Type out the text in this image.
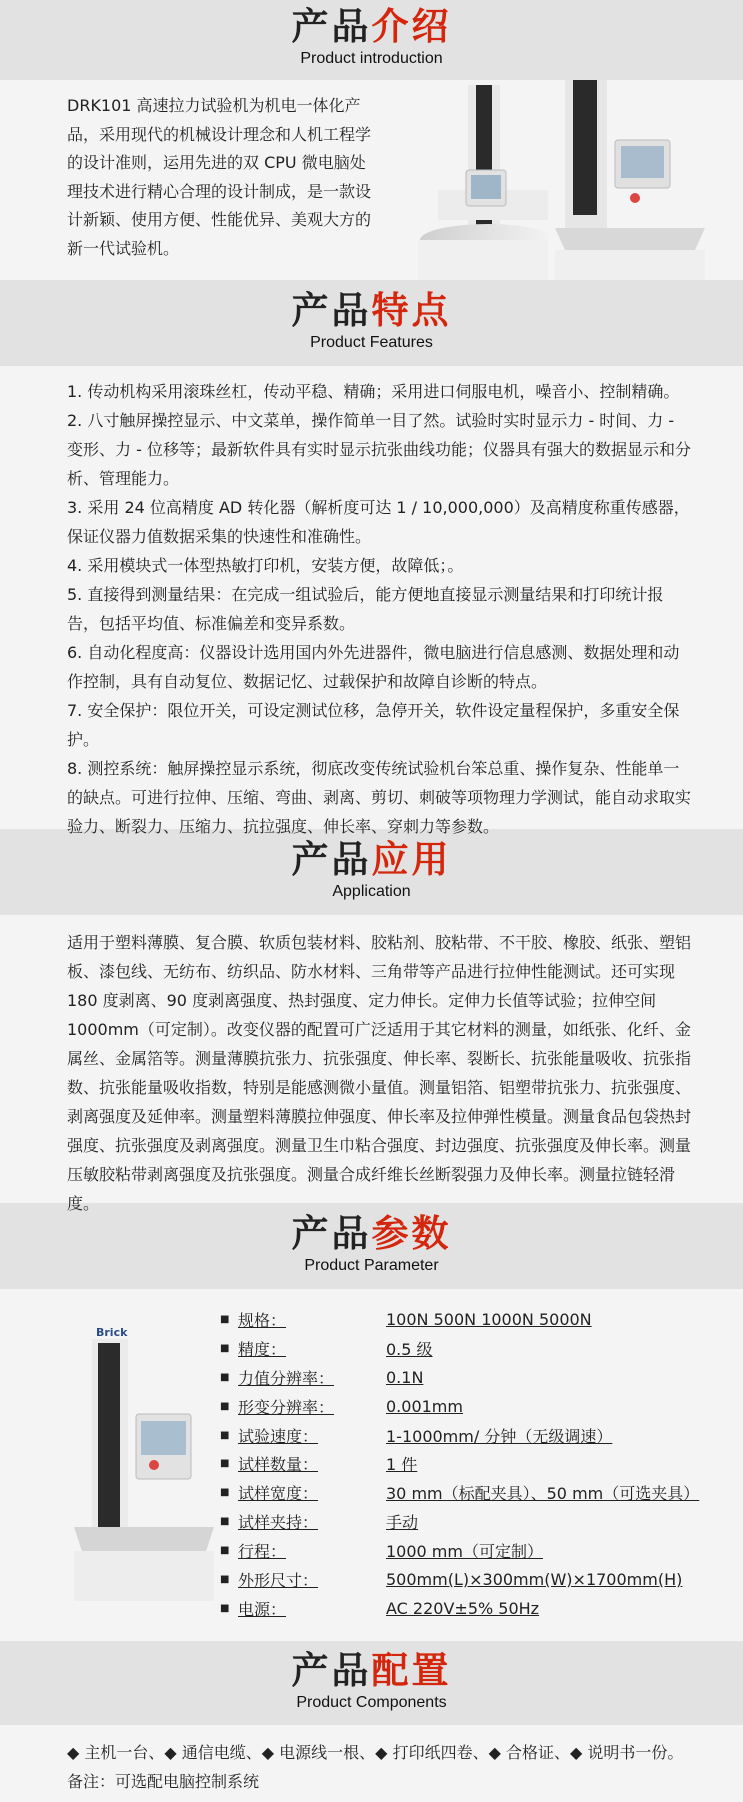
产品介绍
Product introduction

DRK101 高速拉力试验机为机电一体化产品，采用现代的机械设计理念和人机工程学的设计准则，运用先进的双 CPU 微电脑处理技术进行精心合理的设计制成，是一款设计新颖、使用方便、性能优异、美观大方的新一代试验机。

产品特点
Product Features

1. 传动机构采用滚珠丝杠，传动平稳、精确；采用进口伺服电机，噪音小、控制精确。

2. 八寸触屏操控显示、中文菜单，操作简单一目了然。试验时实时显示力 - 时间、力 - 变形、力 - 位移等；最新软件具有实时显示抗张曲线功能；仪器具有强大的数据显示和分析、管理能力。

3. 采用 24 位高精度 AD 转化器（解析度可达 1 / 10,000,000）及高精度称重传感器，保证仪器力值数据采集的快速性和准确性。

4. 采用模块式一体型热敏打印机，安装方便，故障低；。

5. 直接得到测量结果：在完成一组试验后，能方便地直接显示测量结果和打印统计报告，包括平均值、标准偏差和变异系数。

6. 自动化程度高：仪器设计选用国内外先进器件，微电脑进行信息感测、数据处理和动作控制，具有自动复位、数据记忆、过载保护和故障自诊断的特点。

7. 安全保护：限位开关，可设定测试位移，急停开关，软件设定量程保护，多重安全保护。

8. 测控系统：触屏操控显示系统，彻底改变传统试验机台笨总重、操作复杂、性能单一的缺点。可进行拉伸、压缩、弯曲、剥离、剪切、刺破等项物理力学测试，能自动求取实验力、断裂力、压缩力、抗拉强度、伸长率、穿刺力等参数。

产品应用
Application

适用于塑料薄膜、复合膜、软质包装材料、胶粘剂、胶粘带、不干胶、橡胶、纸张、塑铝板、漆包线、无纺布、纺织品、防水材料、三角带等产品进行拉伸性能测试。还可实现 180 度剥离、90 度剥离强度、热封强度、定力伸长。定伸力长值等试验；拉伸空间 1000mm（可定制）。改变仪器的配置可广泛适用于其它材料的测量，如纸张、化纤、金属丝、金属箔等。测量薄膜抗张力、抗张强度、伸长率、裂断长、抗张能量吸收、抗张指数、抗张能量吸收指数，特别是能感测微小量值。测量铝箔、铝塑带抗张力、抗张强度、剥离强度及延伸率。测量塑料薄膜拉伸强度、伸长率及拉伸弹性模量。测量食品包袋热封强度、抗张强度及剥离强度。测量卫生巾粘合强度、封边强度、抗张强度及伸长率。测量压敏胶粘带剥离强度及抗张强度。测量合成纤维长丝断裂强力及伸长率。测量拉链轻滑度。

产品参数
Product Parameter
Brick
■ 规格：	100N 500N 1000N 5000N
■ 精度：	0.5 级
■ 力值分辨率：	0.1N
■ 形变分辨率：	0.001mm
■ 试验速度：	1-1000mm/ 分钟（无级调速）
■ 试样数量：	1 件
■ 试样宽度：	30 mm（标配夹具）、50 mm（可选夹具）
■ 试样夹持：	手动
■ 行程：	1000 mm（可定制）
■ 外形尺寸：	500mm(L)×300mm(W)×1700mm(H)
■ 电源：	AC 220V±5% 50Hz
产品配置
Product Components

◆ 主机一台、◆ 通信电缆、◆ 电源线一根、◆ 打印纸四卷、◆ 合格证、◆ 说明书一份。

备注：可选配电脑控制系统
